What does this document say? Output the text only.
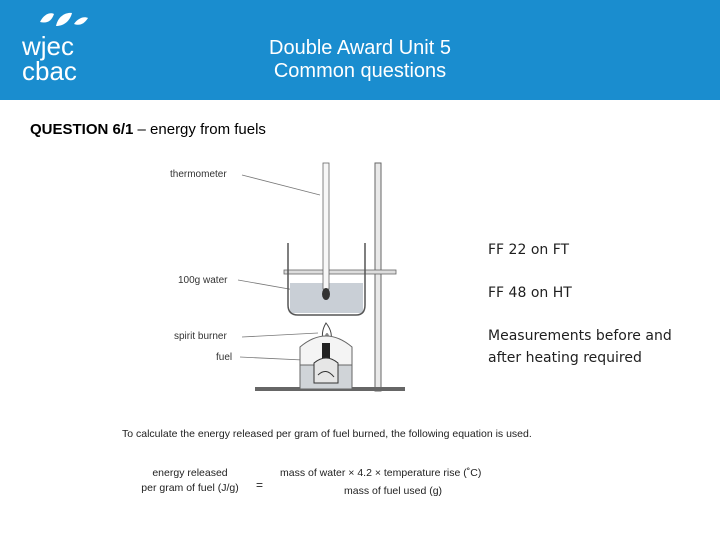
wjec
cbac
Double Award Unit 5
Common questions
QUESTION 6/1 – energy from fuels
thermometer
100g water
spirit burner
fuel
FF 22 on FT
FF 48 on HT
Measurements before and after heating required
To calculate the energy released per gram of fuel burned, the following equation is used.
energy released
per gram of fuel (J/g)	=
mass of water × 4.2 × temperature rise (˚C)
mass of fuel used (g)
